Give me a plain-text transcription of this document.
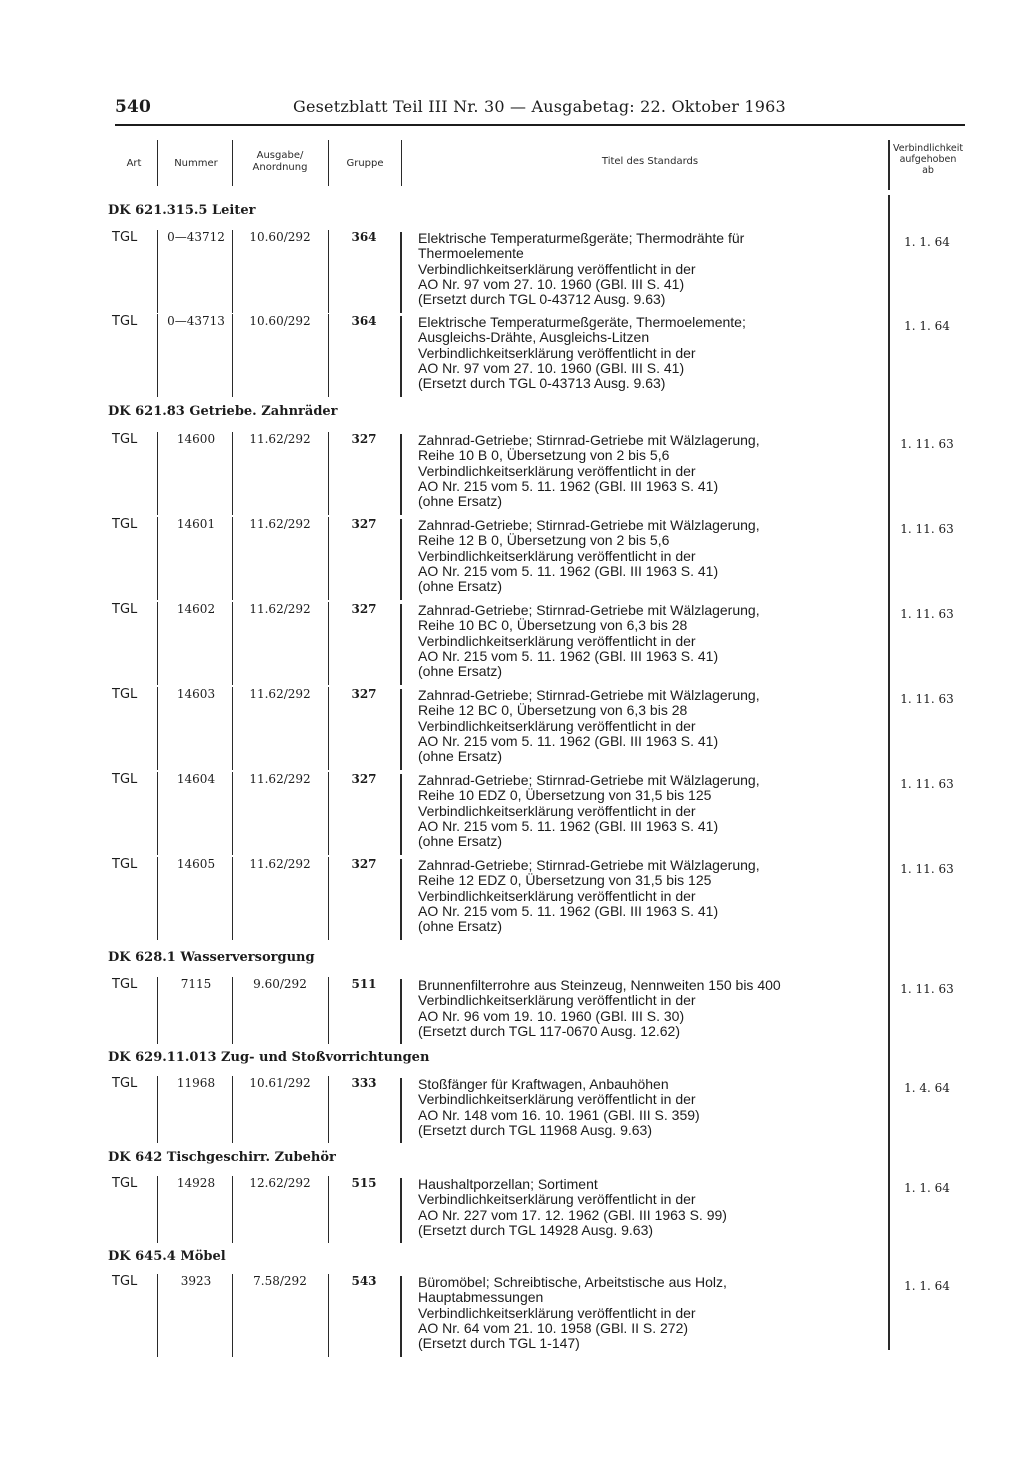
540	Gesetzblatt Teil III Nr. 30 — Ausgabetag: 22. Oktober 1963
Art	Nummer
Ausgabe/ Anordnung	Gruppe	Titel des Standards
Verbindlichkeit aufgehoben ab
DK 621.315.5 Leiter
TGL	0—43712	10.60/292	364	Elektrische Temperaturmeßgeräte; Thermodrähte für
Thermoelemente
Verbindlichkeitserklärung veröffentlicht in der
AO Nr. 97 vom 27. 10. 1960 (GBl. III S. 41)
(Ersetzt durch TGL 0-43712 Ausg. 9.63)
1. 1. 64
TGL	0—43713	10.60/292	364	Elektrische Temperaturmeßgeräte, Thermoelemente;
Ausgleichs-Drähte, Ausgleichs-Litzen
Verbindlichkeitserklärung veröffentlicht in der
AO Nr. 97 vom 27. 10. 1960 (GBl. III S. 41)
(Ersetzt durch TGL 0-43713 Ausg. 9.63)
1. 1. 64
DK 621.83 Getriebe. Zahnräder
TGL	14600	11.62/292	327	Zahnrad-Getriebe; Stirnrad-Getriebe mit Wälzlagerung,
Reihe 10 B 0, Übersetzung von 2 bis 5,6
Verbindlichkeitserklärung veröffentlicht in der
AO Nr. 215 vom 5. 11. 1962 (GBl. III 1963 S. 41)
(ohne Ersatz)
1. 11. 63
TGL	14601	11.62/292	327	Zahnrad-Getriebe; Stirnrad-Getriebe mit Wälzlagerung,
Reihe 12 B 0, Übersetzung von 2 bis 5,6
Verbindlichkeitserklärung veröffentlicht in der
AO Nr. 215 vom 5. 11. 1962 (GBl. III 1963 S. 41)
(ohne Ersatz)
1. 11. 63
TGL	14602	11.62/292	327	Zahnrad-Getriebe; Stirnrad-Getriebe mit Wälzlagerung,
Reihe 10 BC 0, Übersetzung von 6,3 bis 28
Verbindlichkeitserklärung veröffentlicht in der
AO Nr. 215 vom 5. 11. 1962 (GBl. III 1963 S. 41)
(ohne Ersatz)
1. 11. 63
TGL	14603	11.62/292	327	Zahnrad-Getriebe; Stirnrad-Getriebe mit Wälzlagerung,
Reihe 12 BC 0, Übersetzung von 6,3 bis 28
Verbindlichkeitserklärung veröffentlicht in der
AO Nr. 215 vom 5. 11. 1962 (GBl. III 1963 S. 41)
(ohne Ersatz)
1. 11. 63
TGL	14604	11.62/292	327	Zahnrad-Getriebe; Stirnrad-Getriebe mit Wälzlagerung,
Reihe 10 EDZ 0, Übersetzung von 31,5 bis 125
Verbindlichkeitserklärung veröffentlicht in der
AO Nr. 215 vom 5. 11. 1962 (GBl. III 1963 S. 41)
(ohne Ersatz)
1. 11. 63
TGL	14605	11.62/292	327	Zahnrad-Getriebe; Stirnrad-Getriebe mit Wälzlagerung,
Reihe 12 EDZ 0, Übersetzung von 31,5 bis 125
Verbindlichkeitserklärung veröffentlicht in der
AO Nr. 215 vom 5. 11. 1962 (GBl. III 1963 S. 41)
(ohne Ersatz)
1. 11. 63
DK 628.1 Wasserversorgung
TGL	7115	9.60/292	511	Brunnenfilterrohre aus Steinzeug, Nennweiten 150 bis 400
Verbindlichkeitserklärung veröffentlicht in der
AO Nr. 96 vom 19. 10. 1960 (GBl. III S. 30)
(Ersetzt durch TGL 117-0670 Ausg. 12.62)
1. 11. 63
DK 629.11.013 Zug- und Stoßvorrichtungen
TGL	11968	10.61/292	333	Stoßfänger für Kraftwagen, Anbauhöhen
Verbindlichkeitserklärung veröffentlicht in der
AO Nr. 148 vom 16. 10. 1961 (GBl. III S. 359)
(Ersetzt durch TGL 11968 Ausg. 9.63)
1. 4. 64
DK 642 Tischgeschirr. Zubehör
TGL	14928	12.62/292	515	Haushaltporzellan; Sortiment
Verbindlichkeitserklärung veröffentlicht in der
AO Nr. 227 vom 17. 12. 1962 (GBl. III 1963 S. 99)
(Ersetzt durch TGL 14928 Ausg. 9.63)
1. 1. 64
DK 645.4 Möbel
TGL	3923	7.58/292	543	Büromöbel; Schreibtische, Arbeitstische aus Holz,
Hauptabmessungen
Verbindlichkeitserklärung veröffentlicht in der
AO Nr. 64 vom 21. 10. 1958 (GBl. II S. 272)
(Ersetzt durch TGL 1-147)
1. 1. 64
